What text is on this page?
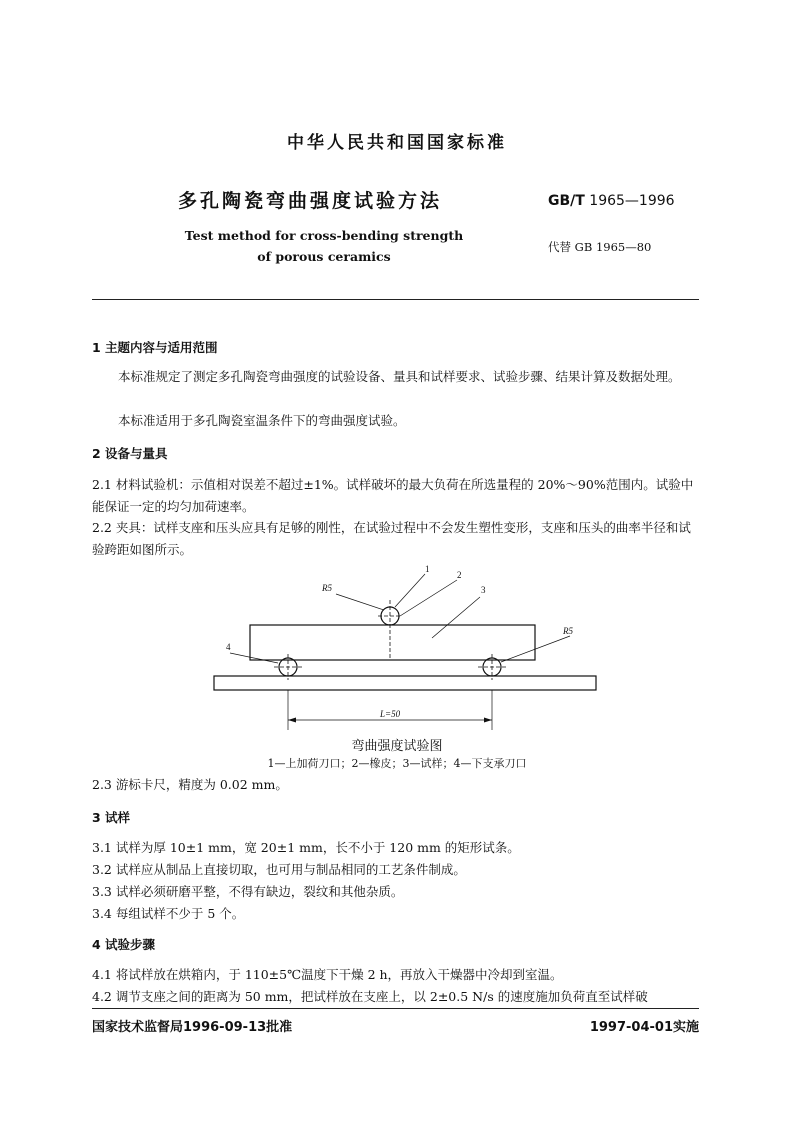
中华人民共和国国家标准
多孔陶瓷弯曲强度试验方法	GB/T 1965—1996
Test method for cross-bending strength
of porous ceramics
代替 GB 1965—80
1 主题内容与适用范围
本标准规定了测定多孔陶瓷弯曲强度的试验设备、量具和试样要求、试验步骤、结果计算及数据处理。
本标准适用于多孔陶瓷室温条件下的弯曲强度试验。
2 设备与量具
2.1 材料试验机：示值相对误差不超过±1%。试样破坏的最大负荷在所选量程的 20%～90%范围内。试验中能保证一定的均匀加荷速率。
2.2 夹具：试样支座和压头应具有足够的刚性，在试验过程中不会发生塑性变形，支座和压头的曲率半径和试验跨距如图所示。
R5
R5
1
2
3
4
L=50
弯曲强度试验图
1—上加荷刀口；2—橡皮；3—试样；4—下支承刀口
2.3 游标卡尺，精度为 0.02 mm。
3 试样
3.1 试样为厚 10±1 mm，宽 20±1 mm，长不小于 120 mm 的矩形试条。
3.2 试样应从制品上直接切取，也可用与制品相同的工艺条件制成。
3.3 试样必须研磨平整，不得有缺边，裂纹和其他杂质。
3.4 每组试样不少于 5 个。
4 试验步骤
4.1 将试样放在烘箱内，于 110±5℃温度下干燥 2 h，再放入干燥器中冷却到室温。
4.2 调节支座之间的距离为 50 mm，把试样放在支座上，以 2±0.5 N/s 的速度施加负荷直至试样破
国家技术监督局1996-09-13批准	1997-04-01实施
